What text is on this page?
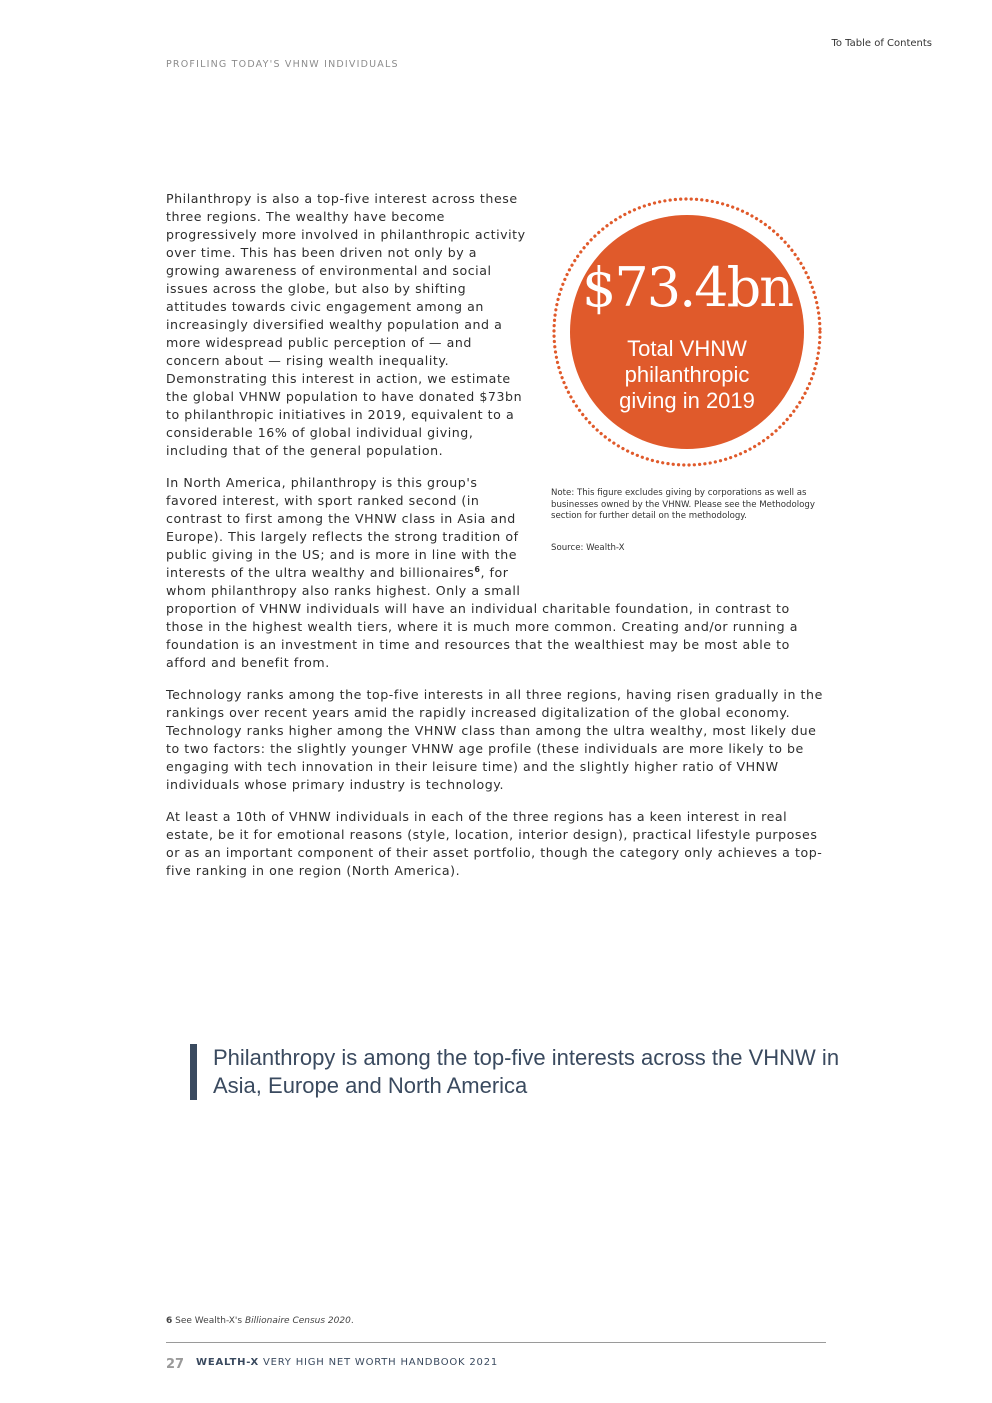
To Table of Contents
PROFILING TODAY'S VHNW INDIVIDUALS

Philanthropy is also a top-five interest across these three regions. The wealthy have become progressively more involved in philanthropic activity over time. This has been driven not only by a growing awareness of environmental and social issues across the globe, but also by shifting attitudes towards civic engagement among an increasingly diversified wealthy population and a more widespread public perception of — and concern about — rising wealth inequality. Demonstrating this interest in action, we estimate the global VHNW population to have donated $73bn to philanthropic initiatives in 2019, equivalent to a considerable 16% of global individual giving, including that of the general population.

In North America, philanthropy is this group's favored interest, with sport ranked second (in contrast to first among the VHNW class in Asia and Europe). This largely reflects the strong tradition of public giving in the US; and is more in line with the interests of the ultra wealthy and billionaires$^6$, for whom philanthropy also ranks highest. Only a small proportion of VHNW individuals will have an individual charitable foundation, in contrast to those in the highest wealth tiers, where it is much more common. Creating and/or running a foundation is an investment in time and resources that the wealthiest may be most able to afford and benefit from.

Technology ranks among the top-five interests in all three regions, having risen gradually in the rankings over recent years amid the rapidly increased digitalization of the global economy. Technology ranks higher among the VHNW class than among the ultra wealthy, most likely due to two factors: the slightly younger VHNW age profile (these individuals are more likely to be engaging with tech innovation in their leisure time) and the slightly higher ratio of VHNW individuals whose primary industry is technology.

At least a 10th of VHNW individuals in each of the three regions has a keen interest in real estate, be it for emotional reasons (style, location, interior design), practical lifestyle purposes or as an important component of their asset portfolio, though the category only achieves a top-five ranking in one region (North America).

$73.4bn
Total VHNW
philanthropic
giving in 2019
Note: This figure excludes giving by corporations as well as businesses owned by the VHNW. Please see the Methodology section for further detail on the methodology.
Source: Wealth-X
Philanthropy is among the top-five interests across the VHNW in Asia, Europe and North America
6 See Wealth-X's Billionaire Census 2020.
27 WEALTH-X VERY HIGH NET WORTH HANDBOOK 2021
